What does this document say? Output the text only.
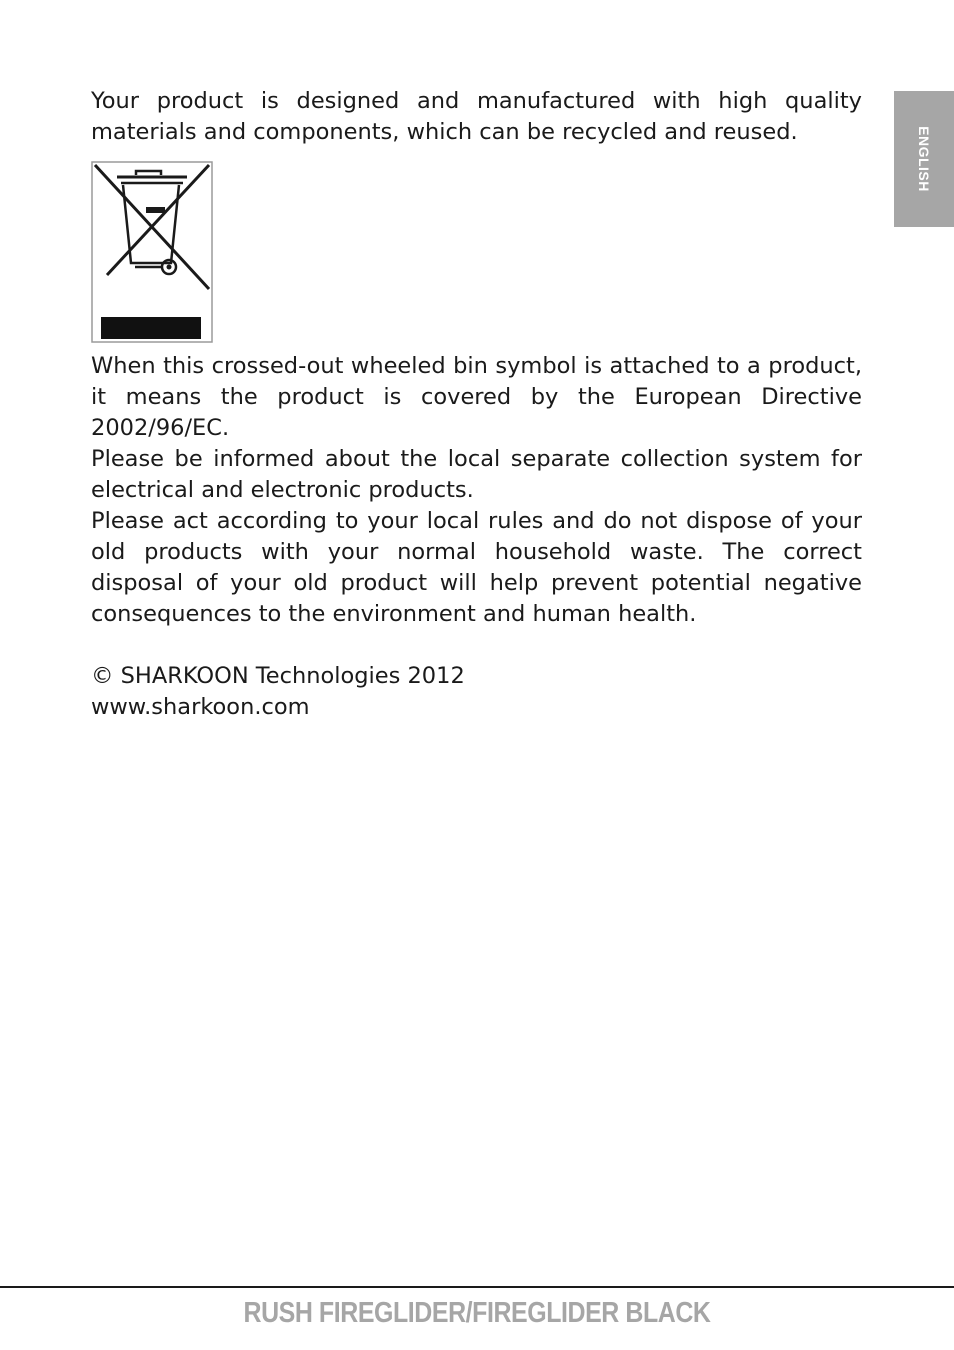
ENGLISH

Your product is designed and manufactured with high quality materials and components, which can be recycled and reused.

When this crossed-out wheeled bin symbol is attached to a product, it means the product is covered by the European Directive 2002/96/EC.

Please be informed about the local separate collection system for electrical and electronic products.

Please act according to your local rules and do not dispose of your old products with your normal household waste. The correct disposal of your old product will help prevent potential negative consequences to the environment and human health.

© SHARKOON Technologies 2012
www.sharkoon.com
RUSH FIREGLIDER/FIREGLIDER BLACK
